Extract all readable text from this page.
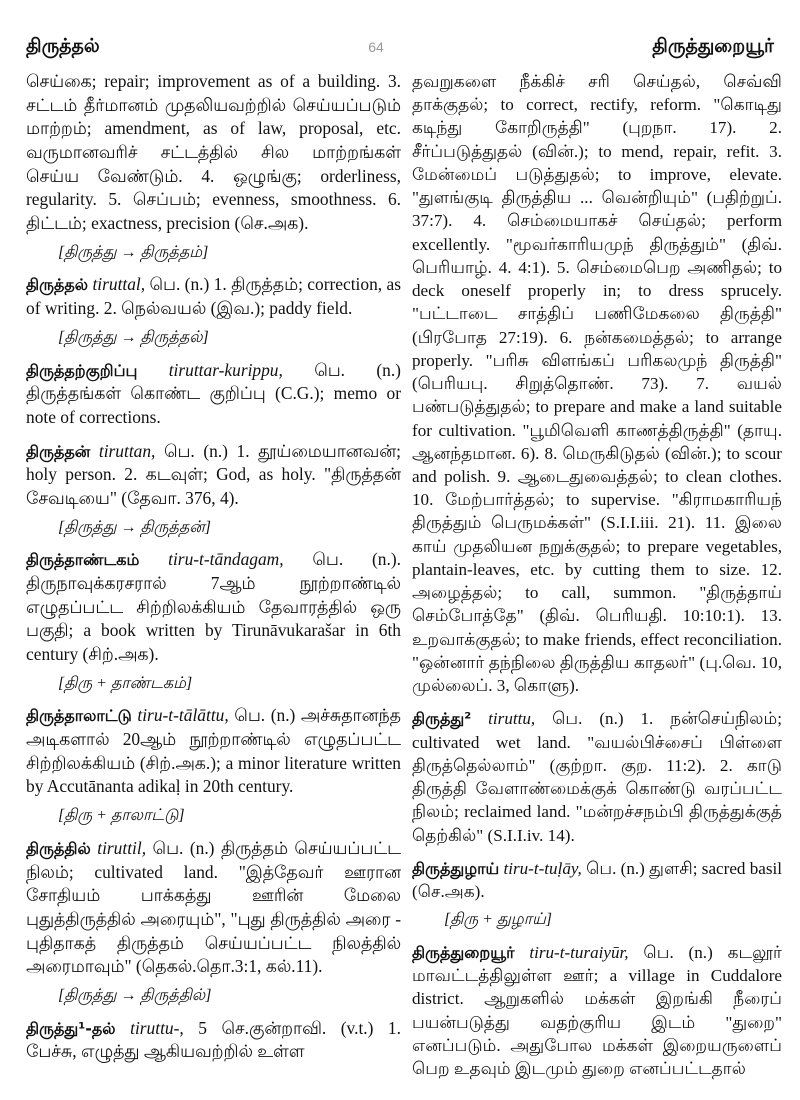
திருத்தல்	64	திருத்துறையூர்

செய்கை; repair; improvement as of a building. 3. சட்டம் தீர்மானம் முதலியவற்றில் செய்யப்படும் மாற்றம்; amendment, as of law, proposal, etc. வருமானவரிச் சட்டத்தில் சில மாற்றங்கள் செய்ய வேண்டும். 4. ஒழுங்கு; orderliness, regularity. 5. செப்பம்; evenness, smoothness. 6. திட்டம்; exactness, precision (செ.அக).

[திருத்து → திருத்தம்]

திருத்தல் tiruttal, பெ. (n.) 1. திருத்தம்; correction, as of writing. 2. நெல்வயல் (இவ.); paddy field.

[திருத்து → திருத்தல்]

திருத்தற்குறிப்பு tiruttar-kurippu, பெ. (n.) திருத்தங்கள் கொண்ட குறிப்பு (C.G.); memo or note of corrections.

திருத்தன் tiruttan, பெ. (n.) 1. தூய்மையானவன்; holy person. 2. கடவுள்; God, as holy. "திருத்தன் சேவடியை" (தேவா. 376, 4).

[திருத்து → திருத்தன்]

திருத்தாண்டகம் tiru-t-tāndagam, பெ. (n.). திருநாவுக்கரசரால் 7ஆம் நூற்றாண்டில் எழுதப்பட்ட சிற்றிலக்கியம் தேவாரத்தில் ஒரு பகுதி; a book written by Tirunāvukarašar in 6th century (சிற்.அக).

[திரு + தாண்டகம்]

திருத்தாலாட்டு tiru-t-tālāttu, பெ. (n.) அச்சுதானந்த அடிகளால் 20ஆம் நூற்றாண்டில் எழுதப்பட்ட சிற்றிலக்கியம் (சிற்.அக.); a minor literature written by Accutānanta adikaḷ in 20th century.

[திரு + தாலாட்டு]

திருத்தில் tiruttil, பெ. (n.) திருத்தம் செய்யப்பட்ட நிலம்; cultivated land. "இத்தேவர் ஊரான சோதியம் பாக்கத்து ஊரின் மேலை புதுத்திருத்தில் அரையும்", "புது திருத்தில் அரை - புதிதாகத் திருத்தம் செய்யப்பட்ட நிலத்தில் அரைமாவும்" (தெகல்.தொ.3:1, கல்.11).

[திருத்து → திருத்தில்]

திருத்து¹-தல் tiruttu-, 5 செ.குன்றாவி. (v.t.) 1. பேச்சு, எழுத்து ஆகியவற்றில் உள்ள

தவறுகளை நீக்கிச் சரி செய்தல், செவ்வி தாக்குதல்; to correct, rectify, reform. "கொடிது கடிந்து கோறிருத்தி" (புறநா. 17). 2. சீர்ப்படுத்துதல் (வின்.); to mend, repair, refit. 3. மேன்மைப் படுத்துதல்; to improve, elevate. "துளங்குடி திருத்திய ... வென்றியும்" (பதிற்றுப். 37:7). 4. செம்மையாகச் செய்தல்; perform excellently. "மூவர்காரியமுந் திருத்தும்" (திவ். பெரியாழ். 4. 4:1). 5. செம்மைபெற அணிதல்; to deck oneself properly in; to dress sprucely. "பட்டாடை சாத்திப் பணிமேகலை திருத்தி" (பிரபோத 27:19). 6. நன்கமைத்தல்; to arrange properly. "பரிசு விளங்கப் பரிகலமுந் திருத்தி" (பெரியபு. சிறுத்தொண். 73). 7. வயல் பண்படுத்துதல்; to prepare and make a land suitable for cultivation. "பூமிவெளி காணத்திருத்தி" (தாயு. ஆனந்தமான. 6). 8. மெருகிடுதல் (வின்.); to scour and polish. 9. ஆடைதுவைத்தல்; to clean clothes. 10. மேற்பார்த்தல்; to supervise. "கிராமகாரியந் திருத்தும் பெருமக்கள்" (S.I.I.iii. 21). 11. இலை காய் முதலியன நறுக்குதல்; to prepare vegetables, plantain-leaves, etc. by cutting them to size. 12. அழைத்தல்; to call, summon. "திருத்தாய் செம்போத்தே" (திவ். பெரியதி. 10:10:1). 13. உறவாக்குதல்; to make friends, effect reconciliation. "ஒன்னார் தந்நிலை திருத்திய காதலர்" (பு.வெ. 10, முல்லைப். 3, கொளு).

திருத்து² tiruttu, பெ. (n.) 1. நன்செய்நிலம்; cultivated wet land. "வயல்பிச்சைப் பிள்ளை திருத்தெல்லாம்" (குற்றா. குற. 11:2). 2. காடு திருத்தி வேளாண்மைக்குக் கொண்டு வரப்பட்ட நிலம்; reclaimed land. "மன்றச்சநம்பி திருத்துக்குத் தெற்கில்" (S.I.I.iv. 14).

திருத்துழாய் tiru-t-tuḷāy, பெ. (n.) துளசி; sacred basil (செ.அக).

[திரு + துழாய்]

திருத்துறையூர் tiru-t-turaiyūr, பெ. (n.) கடலூர் மாவட்டத்திலுள்ள ஊர்; a village in Cuddalore district. ஆறுகளில் மக்கள் இறங்கி நீரைப் பயன்படுத்து வதற்குரிய இடம் "துறை" எனப்படும். அதுபோல மக்கள் இறையருளைப் பெற உதவும் இடமும் துறை எனப்பட்டதால்
